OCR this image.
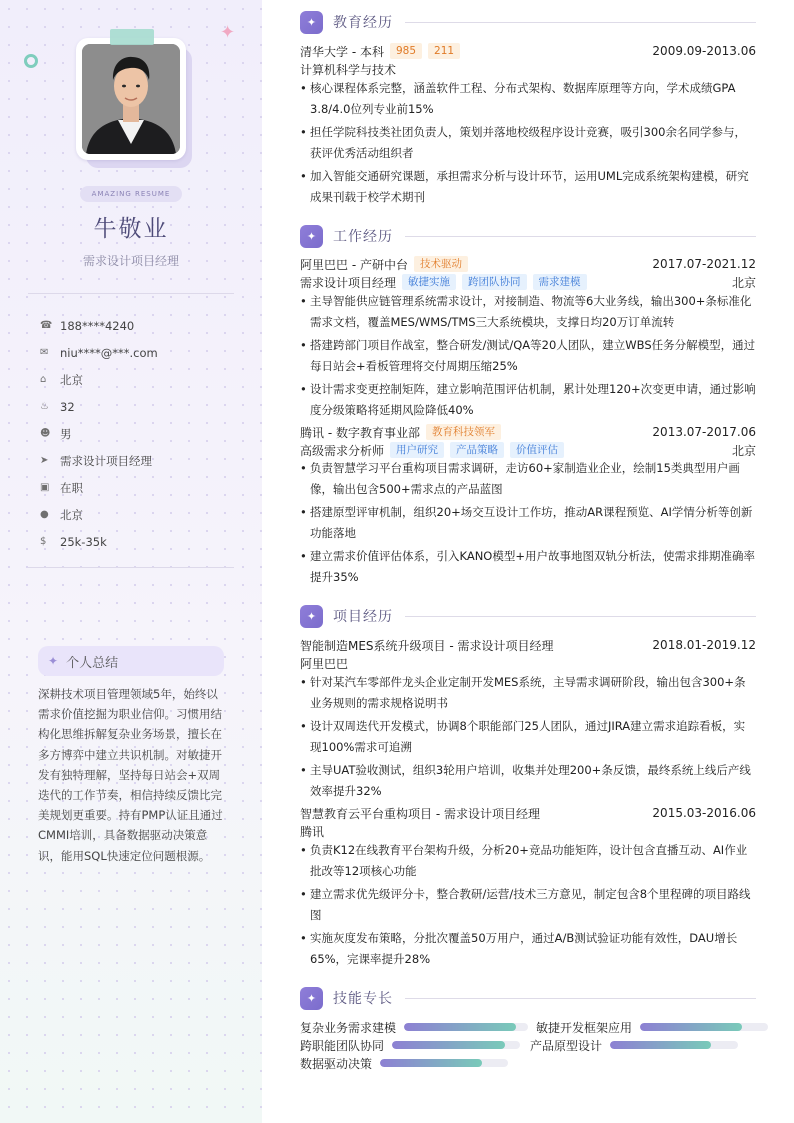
✦
AMAZING RESUME
牛敬业
需求设计项目经理
☎ 188****4240
✉	niu****@***.com
⌂	北京
♨ 32
☻ 男
➤	需求设计项目经理
▣ 在职
● 北京
$	25k-35k
✦ 个人总结
深耕技术项目管理领域5年，始终以需求价值挖掘为职业信仰。习惯用结构化思维拆解复杂业务场景，擅长在多方博弈中建立共识机制。对敏捷开发有独特理解，坚持每日站会+双周迭代的工作节奏，相信持续反馈比完美规划更重要。持有PMP认证且通过CMMI培训，具备数据驱动决策意识，能用SQL快速定位问题根源。
✦	教育经历
清华大学 - 本科	985	211	2009.09-2013.06
计算机科学与技术
• 核心课程体系完整，涵盖软件工程、分布式架构、数据库原理等方向，学术成绩GPA 3.8/4.0位列专业前15%
• 担任学院科技类社团负责人，策划并落地校级程序设计竞赛，吸引300余名同学参与，获评优秀活动组织者
• 加入智能交通研究课题，承担需求分析与设计环节，运用UML完成系统架构建模，研究成果刊载于校学术期刊
✦	工作经历
阿里巴巴 - 产研中台	技术驱动	2017.07-2021.12
需求设计项目经理	敏捷实施	跨团队协同	需求建模	北京
• 主导智能供应链管理系统需求设计，对接制造、物流等6大业务线，输出300+条标准化需求文档，覆盖MES/WMS/TMS三大系统模块，支撑日均20万订单流转
• 搭建跨部门项目作战室，整合研发/测试/QA等20人团队，建立WBS任务分解模型，通过每日站会+看板管理将交付周期压缩25%
• 设计需求变更控制矩阵，建立影响范围评估机制，累计处理120+次变更申请，通过影响度分级策略将延期风险降低40%
腾讯 - 数字教育事业部	教育科技领军	2013.07-2017.06
高级需求分析师	用户研究	产品策略	价值评估	北京
• 负责智慧学习平台重构项目需求调研，走访60+家制造业企业，绘制15类典型用户画像，输出包含500+需求点的产品蓝图
• 搭建原型评审机制，组织20+场交互设计工作坊，推动AR课程预览、AI学情分析等创新功能落地
• 建立需求价值评估体系，引入KANO模型+用户故事地图双轨分析法，使需求排期准确率提升35%
✦	项目经历
智能制造MES系统升级项目 - 需求设计项目经理	2018.01-2019.12
阿里巴巴
• 针对某汽车零部件龙头企业定制开发MES系统，主导需求调研阶段，输出包含300+条业务规则的需求规格说明书
• 设计双周迭代开发模式，协调8个职能部门25人团队，通过JIRA建立需求追踪看板，实现100%需求可追溯
• 主导UAT验收测试，组织3轮用户培训，收集并处理200+条反馈，最终系统上线后产线效率提升32%
智慧教育云平台重构项目 - 需求设计项目经理	2015.03-2016.06
腾讯
• 负责K12在线教育平台架构升级，分析20+竞品功能矩阵，设计包含直播互动、AI作业批改等12项核心功能
• 建立需求优先级评分卡，整合教研/运营/技术三方意见，制定包含8个里程碑的项目路线图
• 实施灰度发布策略，分批次覆盖50万用户，通过A/B测试验证功能有效性，DAU增长65%，完课率提升28%
✦	技能专长
复杂业务需求建模	敏捷开发框架应用
跨职能团队协同	产品原型设计
数据驱动决策
